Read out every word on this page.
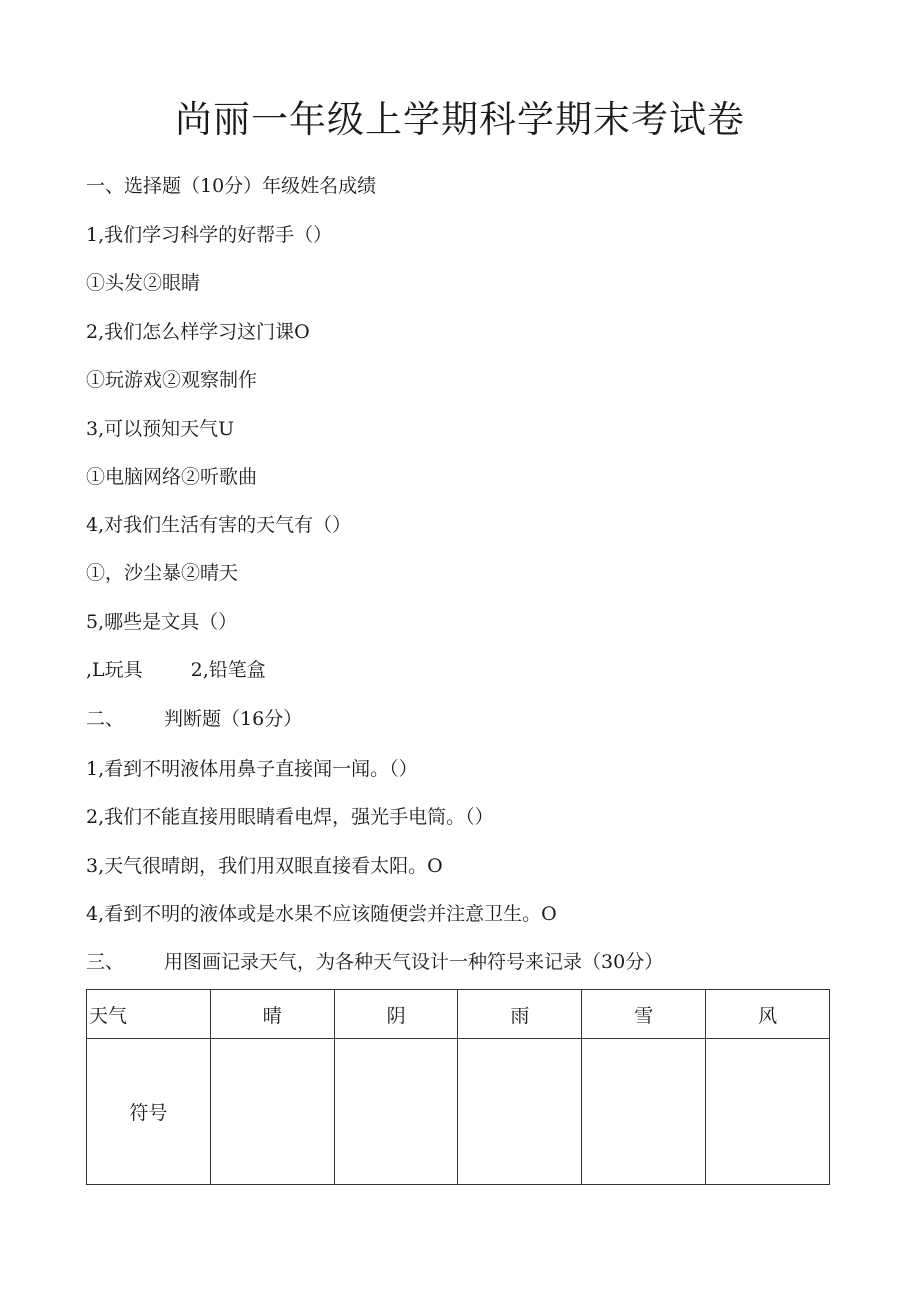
尚丽一年级上学期科学期末考试卷
一、选择题（10分）年级姓名成绩
1,我们学习科学的好帮手（）
①头发②眼睛
2,我们怎么样学习这门课O
①玩游戏②观察制作
3,可以预知天气U
①电脑网络②听歌曲
4,对我们生活有害的天气有（）
①，沙尘暴②晴天
5,哪些是文具（）
,L玩具	2,铅笔盒
二、 判断题（16分）
1,看到不明液体用鼻子直接闻一闻。（）
2,我们不能直接用眼睛看电焊，强光手电筒。（）
3,天气很晴朗，我们用双眼直接看太阳。O
4,看到不明的液体或是水果不应该随便尝并注意卫生。O
三、 用图画记录天气，为各种天气设计一种符号来记录（30分）
天气	晴	阴	雨	雪	风
符号					
